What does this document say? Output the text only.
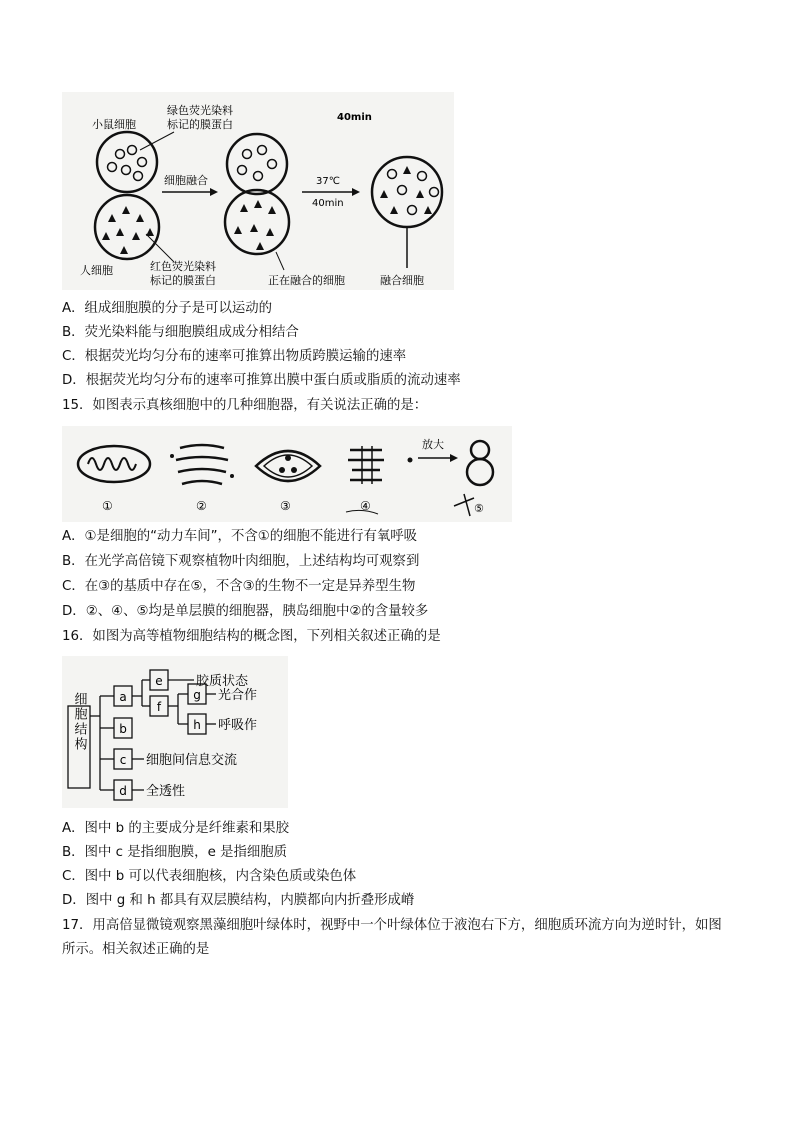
小鼠细胞
绿色荧光染料
标记的膜蛋白
40min
人细胞	红色荧光染料
标记的膜蛋白
细胞融合
正在融合的细胞
37℃
40min
融合细胞
A．组成细胞膜的分子是可以运动的
B．荧光染料能与细胞膜组成成分相结合
C．根据荧光均匀分布的速率可推算出物质跨膜运输的速率
D．根据荧光均匀分布的速率可推算出膜中蛋白质或脂质的流动速率
15．如图表示真核细胞中的几种细胞器，有关说法正确的是：
①	②	③	④
放大
⑤
A．①是细胞的“动力车间”，不含①的细胞不能进行有氧呼吸
B．在光学高倍镜下观察植物叶肉细胞，上述结构均可观察到
C．在③的基质中存在⑤，不含③的生物不一定是异养型生物
D．②、④、⑤均是单层膜的细胞器，胰岛细胞中②的含量较多
16．如图为高等植物细胞结构的概念图，下列相关叙述正确的是
细胞结构	a
b
c
d
e
f
g
h
胶质状态
光合作
呼吸作
细胞间信息交流
全透性
A．图中 b 的主要成分是纤维素和果胶
B．图中 c 是指细胞膜，e 是指细胞质
C．图中 b 可以代表细胞核，内含染色质或染色体
D．图中 g 和 h 都具有双层膜结构，内膜都向内折叠形成嵴
17．用高倍显微镜观察黑藻细胞叶绿体时，视野中一个叶绿体位于液泡右下方，细胞质环流方向为逆时针，如图所示。相关叙述正确的是
